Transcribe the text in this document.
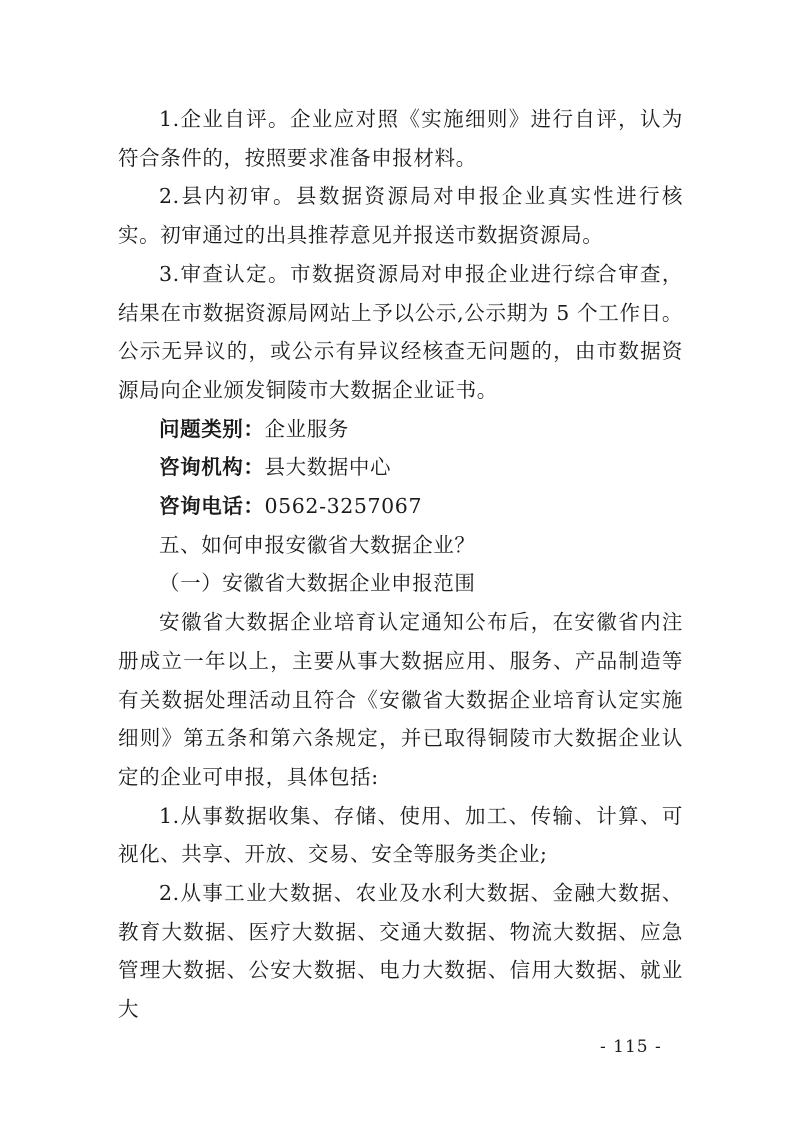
1.企业自评。企业应对照《实施细则》进行自评，认为符合条件的，按照要求准备申报材料。

2.县内初审。县数据资源局对申报企业真实性进行核实。初审通过的出具推荐意见并报送市数据资源局。

3.审查认定。市数据资源局对申报企业进行综合审查，结果在市数据资源局网站上予以公示,公示期为 5 个工作日。公示无异议的，或公示有异议经核查无问题的，由市数据资源局向企业颁发铜陵市大数据企业证书。

问题类别：企业服务

咨询机构：县大数据中心

咨询电话：0562-3257067

五、如何申报安徽省大数据企业？

（一）安徽省大数据企业申报范围

安徽省大数据企业培育认定通知公布后，在安徽省内注册成立一年以上，主要从事大数据应用、服务、产品制造等有关数据处理活动且符合《安徽省大数据企业培育认定实施细则》第五条和第六条规定，并已取得铜陵市大数据企业认定的企业可申报，具体包括:

1.从事数据收集、存储、使用、加工、传输、计算、可视化、共享、开放、交易、安全等服务类企业;

2.从事工业大数据、农业及水利大数据、金融大数据、教育大数据、医疗大数据、交通大数据、物流大数据、应急管理大数据、公安大数据、电力大数据、信用大数据、就业大

- 115 -
